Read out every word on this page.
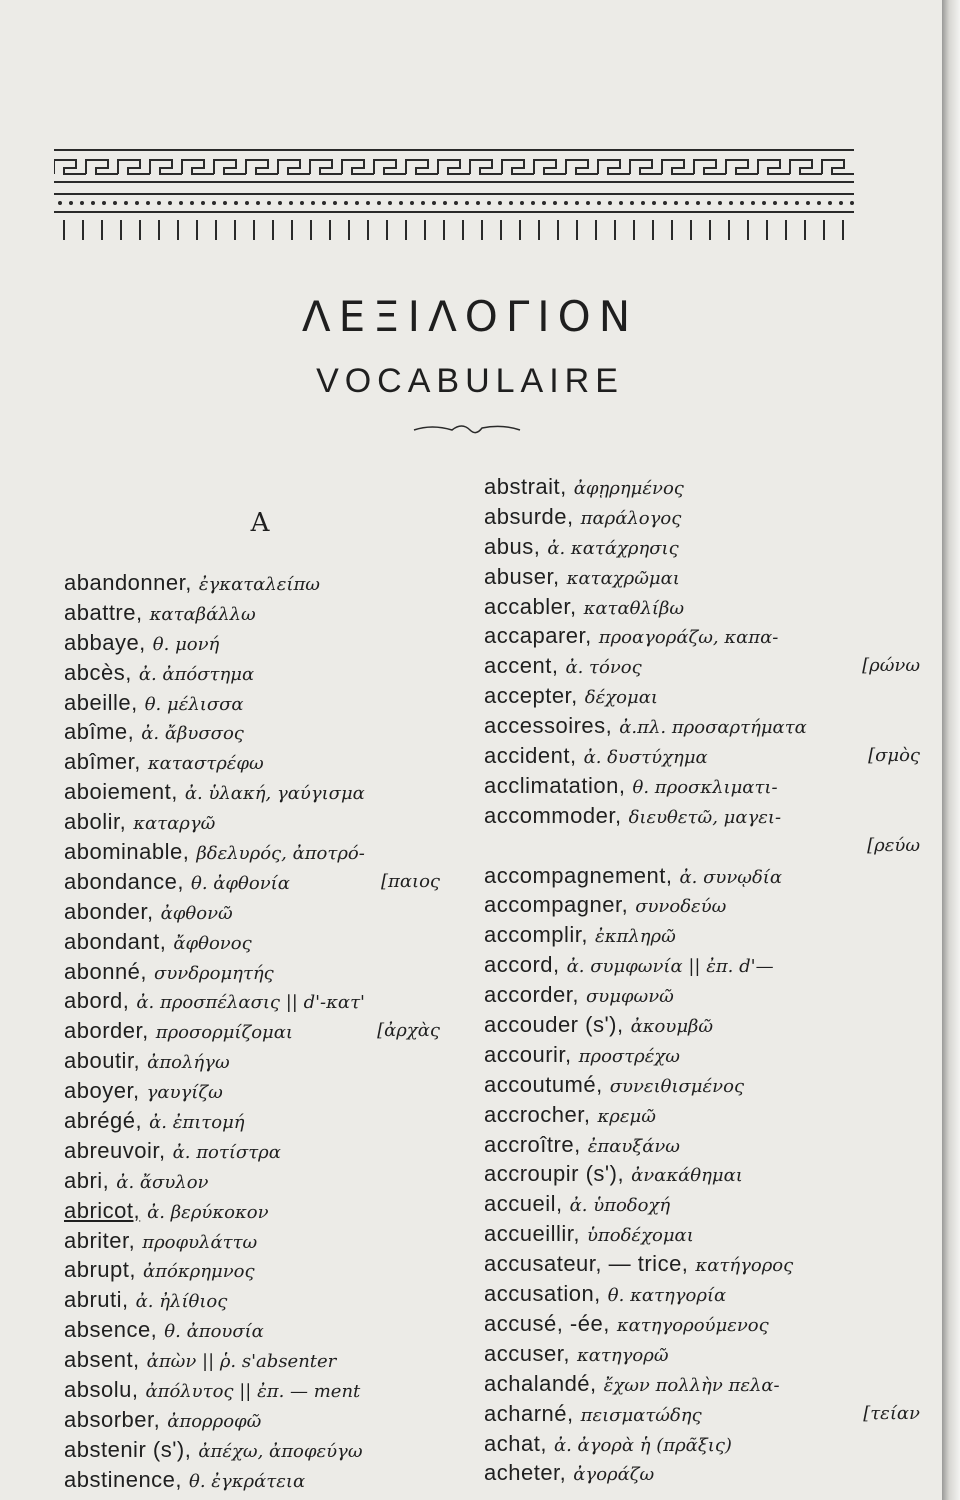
ΛΕΞΙΛΟΓΙΟΝ
VOCABULAIRE
A
abandonner, ἐγκαταλείπω
abattre, καταβάλλω
abbaye, θ. μονή
abcès, ἀ. ἀπόστημα
abeille, θ. μέλισσα
abîme, ἀ. ἄβυσσος
abîmer, καταστρέφω
aboiement, ἀ. ὑλακή, γαύγισμα
abolir, καταργῶ
abominable, βδελυρός, ἀποτρό-
abondance, θ. ἀφθονία	[παιος
abonder, ἀφθονῶ
abondant, ἄφθονος
abonné, συνδρομητής
abord, ἀ. προσπέλασις || d'-κατ'
aborder, προσορμίζομαι	[ἀρχὰς
aboutir, ἀπολήγω
aboyer, γαυγίζω
abrégé, ἀ. ἐπιτομή
abreuvoir, ἀ. ποτίστρα
abri, ἀ. ἄσυλον
abricot, ἀ. βερύκοκον
abriter, προφυλάττω
abrupt, ἀπόκρημνος
abruti, ἀ. ἠλίθιος
absence, θ. ἀπουσία
absent, ἀπὼν || ῥ. s'absenter
absolu, ἀπόλυτος || ἐπ. — ment
absorber, ἀπορροφῶ
abstenir (s'), ἀπέχω, ἀποφεύγω
abstinence, θ. ἐγκράτεια
abstrait, ἀφῃρημένος
absurde, παράλογος
abus, ἀ. κατάχρησις
abuser, καταχρῶμαι
accabler, καταθλίβω
accaparer, προαγοράζω, καπα-
accent, ἀ. τόνος	[ρώνω
accepter, δέχομαι
accessoires, ἀ.πλ. προσαρτήματα
accident, ἀ. δυστύχημα	[σμὸς
acclimatation, θ. προσκλιματι-
accommoder, διευθετῶ, μαγει-
[ρεύω
accompagnement, ἀ. συνῳδία
accompagner, συνοδεύω
accomplir, ἐκπληρῶ
accord, ἀ. συμφωνία || ἐπ. d'—
accorder, συμφωνῶ
accouder (s'), ἀκουμβῶ
accourir, προστρέχω
accoutumé, συνειθισμένος
accrocher, κρεμῶ
accroître, ἐπαυξάνω
accroupir (s'), ἀνακάθημαι
accueil, ἀ. ὑποδοχή
accueillir, ὑποδέχομαι
accusateur, — trice, κατήγορος
accusation, θ. κατηγορία
accusé, -ée, κατηγορούμενος
accuser, κατηγορῶ
achalandé, ἔχων πολλὴν πελα-
acharné, πεισματώδης	[τείαν
achat, ἀ. ἀγορὰ ἡ (πρᾶξις)
acheter, ἀγοράζω
